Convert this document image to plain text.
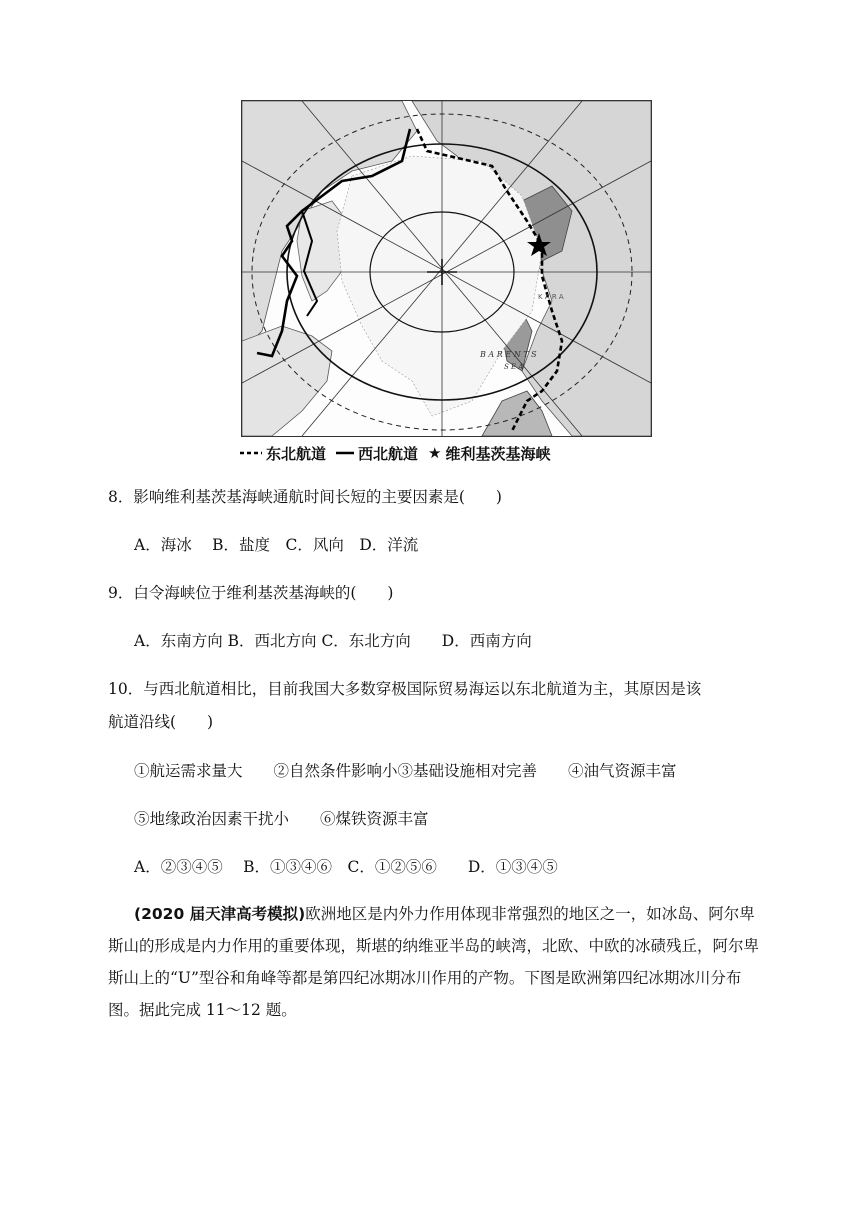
K A R A
B A R E N T S
S E A
东北航道 西北航道 ★ 维利基茨基海峡
8．影响维利基茨基海峡通航时间长短的主要因素是(　　)
A．海冰　 B．盐度　C．风向　D．洋流
9．白令海峡位于维利基茨基海峡的(　　)
A．东南方向 B．西北方向 C．东北方向　　D．西南方向
10．与西北航道相比，目前我国大多数穿极国际贸易海运以东北航道为主，其原因是该
航道沿线(　　)
①航运需求量大　　②自然条件影响小③基础设施相对完善　　④油气资源丰富
⑤地缘政治因素干扰小　　⑥煤铁资源丰富
A．②③④⑤　 B．①③④⑥　C．①②⑤⑥　　D．①③④⑤
(2020 届天津高考模拟)欧洲地区是内外力作用体现非常强烈的地区之一，如冰岛、阿尔卑斯山的形成是内力作用的重要体现，斯堪的纳维亚半岛的峡湾，北欧、中欧的冰碛残丘，阿尔卑斯山上的“U”型谷和角峰等都是第四纪冰期冰川作用的产物。下图是欧洲第四纪冰期冰川分布图。据此完成 11～12 题。
